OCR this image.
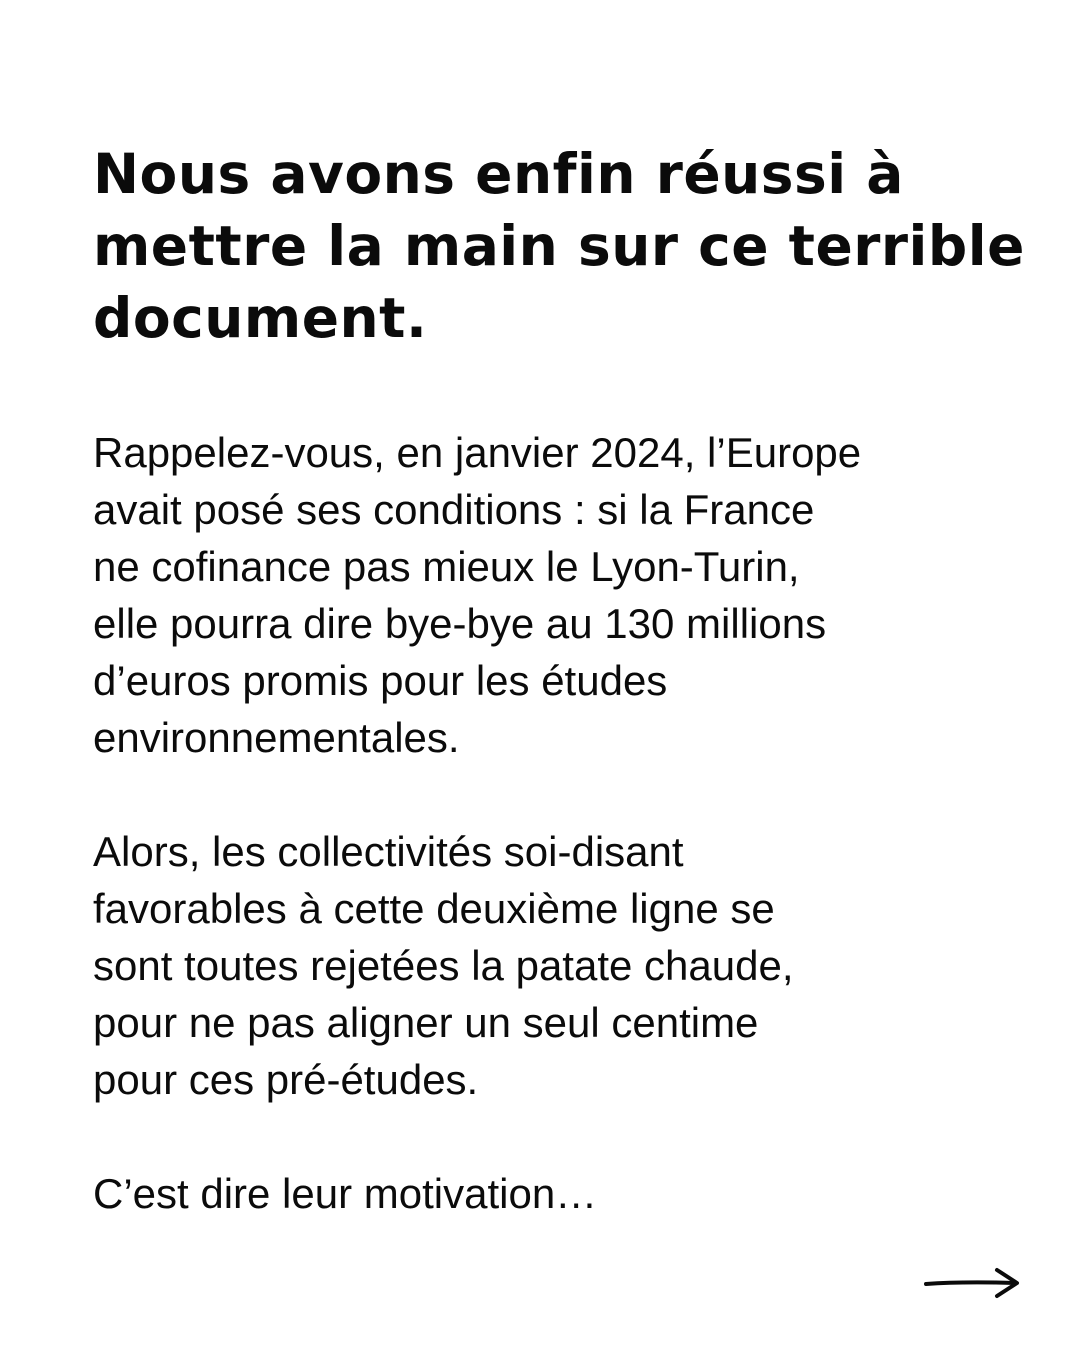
Nous avons enfin réussi à
mettre la main sur ce terrible
document.

Rappelez-vous, en janvier 2024, l’Europe
avait posé ses conditions : si la France
ne cofinance pas mieux le Lyon-Turin,
elle pourra dire bye-bye au 130 millions
d’euros promis pour les études
environnementales.

Alors, les collectivités soi-disant
favorables à cette deuxième ligne se
sont toutes rejetées la patate chaude,
pour ne pas aligner un seul centime
pour ces pré-études.

C’est dire leur motivation…
